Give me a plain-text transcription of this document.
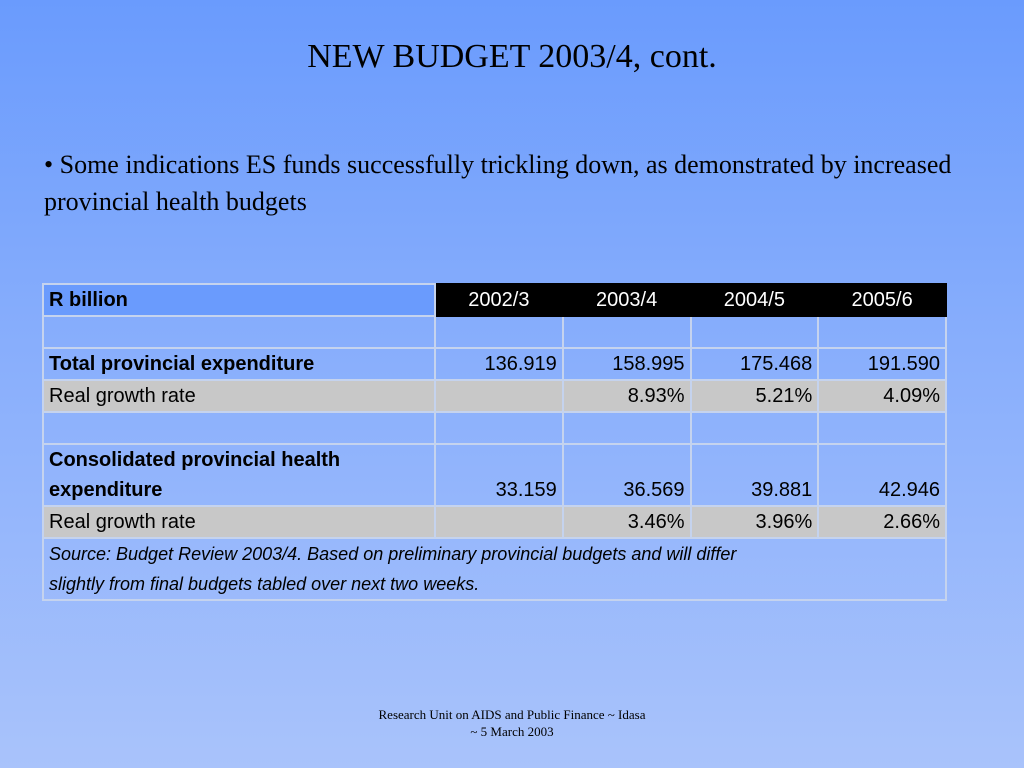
NEW BUDGET 2003/4, cont.
• Some indications ES funds successfully trickling down, as demonstrated by increased provincial health budgets
R billion	2002/3	2003/4	2004/5	2005/6

Total provincial expenditure	136.919	158.995	175.468	191.590
Real growth rate		8.93%	5.21%	4.09%

Consolidated provincial health
expenditure	33.159	36.569	39.881	42.946
Real growth rate		3.46%	3.96%	2.66%
Source: Budget Review 2003/4. Based on preliminary provincial budgets and will differ
slightly from final budgets tabled over next two weeks.				
Research Unit on AIDS and Public Finance ~ Idasa
~ 5 March 2003
